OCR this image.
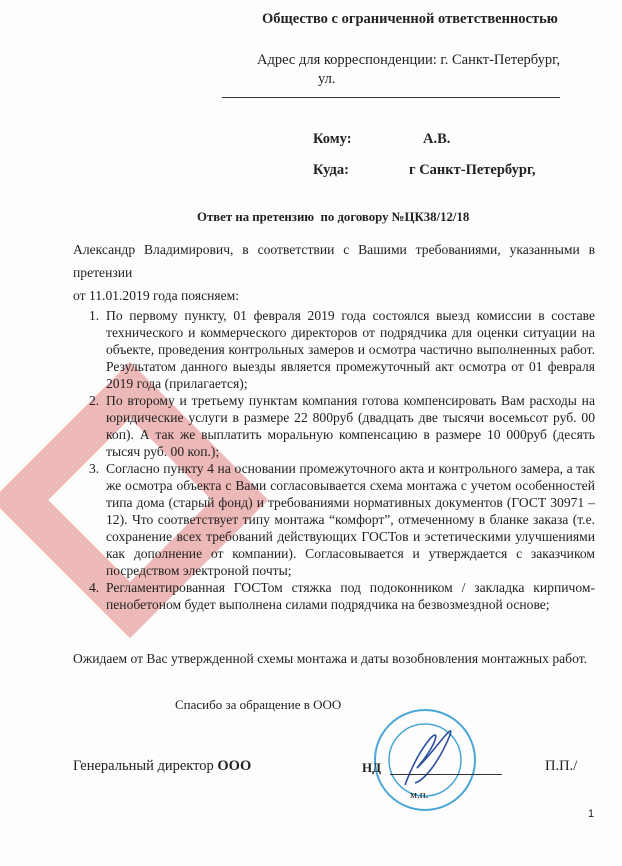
Общество с ограниченной ответственностью
Адрес для корреспонденции: г. Санкт-Петербург,
ул.
Кому:	А.В.
Куда:	г Санкт-Петербург,
Ответ на претензию  по договору №ЦК38/12/18
Александр Владимирович, в соответствии с Вашими требованиями, указанными в претензии
от 11.01.2019 года поясняем:
1. По первому пункту, 01 февраля 2019 года состоялся выезд комиссии в составе технического и коммерческого директоров от подрядчика для оценки ситуации на объекте, проведения контрольных замеров и осмотра частично выполненных работ. Результатом данного выезды является промежуточный акт осмотра от 01 февраля 2019 года (прилагается);
2. По второму и третьему пунктам компания готова компенсировать Вам расходы на юридические услуги в размере 22 800руб (двадцать две тысячи восемьсот руб. 00 коп). А так же выплатить моральную компенсацию в размере 10 000руб (десять тысяч руб. 00 коп.);
3. Согласно пункту 4 на основании промежуточного акта и контрольного замера, а так же осмотра объекта с Вами согласовывается схема монтажа с учетом особенностей типа дома (старый фонд) и требованиями нормативных документов (ГОСТ 30971 – 12). Что соответствует типу монтажа “комфорт”, отмеченному в бланке заказа (т.е. сохранение всех требований действующих ГОСТов и эстетическими улучшениями как дополнение от компании). Согласовывается и утверждается с заказчиком посредством электроной почты;
4. Регламентированная ГОСТом стяжка под подоконником / закладка кирпичом-пенобетоном будет выполнена силами подрядчика на безвозмездной основе;
Ожидаем от Вас утвержденной схемы монтажа и даты возобновления монтажных работ.
Спасибо за обращение в ООО
Генеральный директор ООО	НД	П.П./
м.п.
1
